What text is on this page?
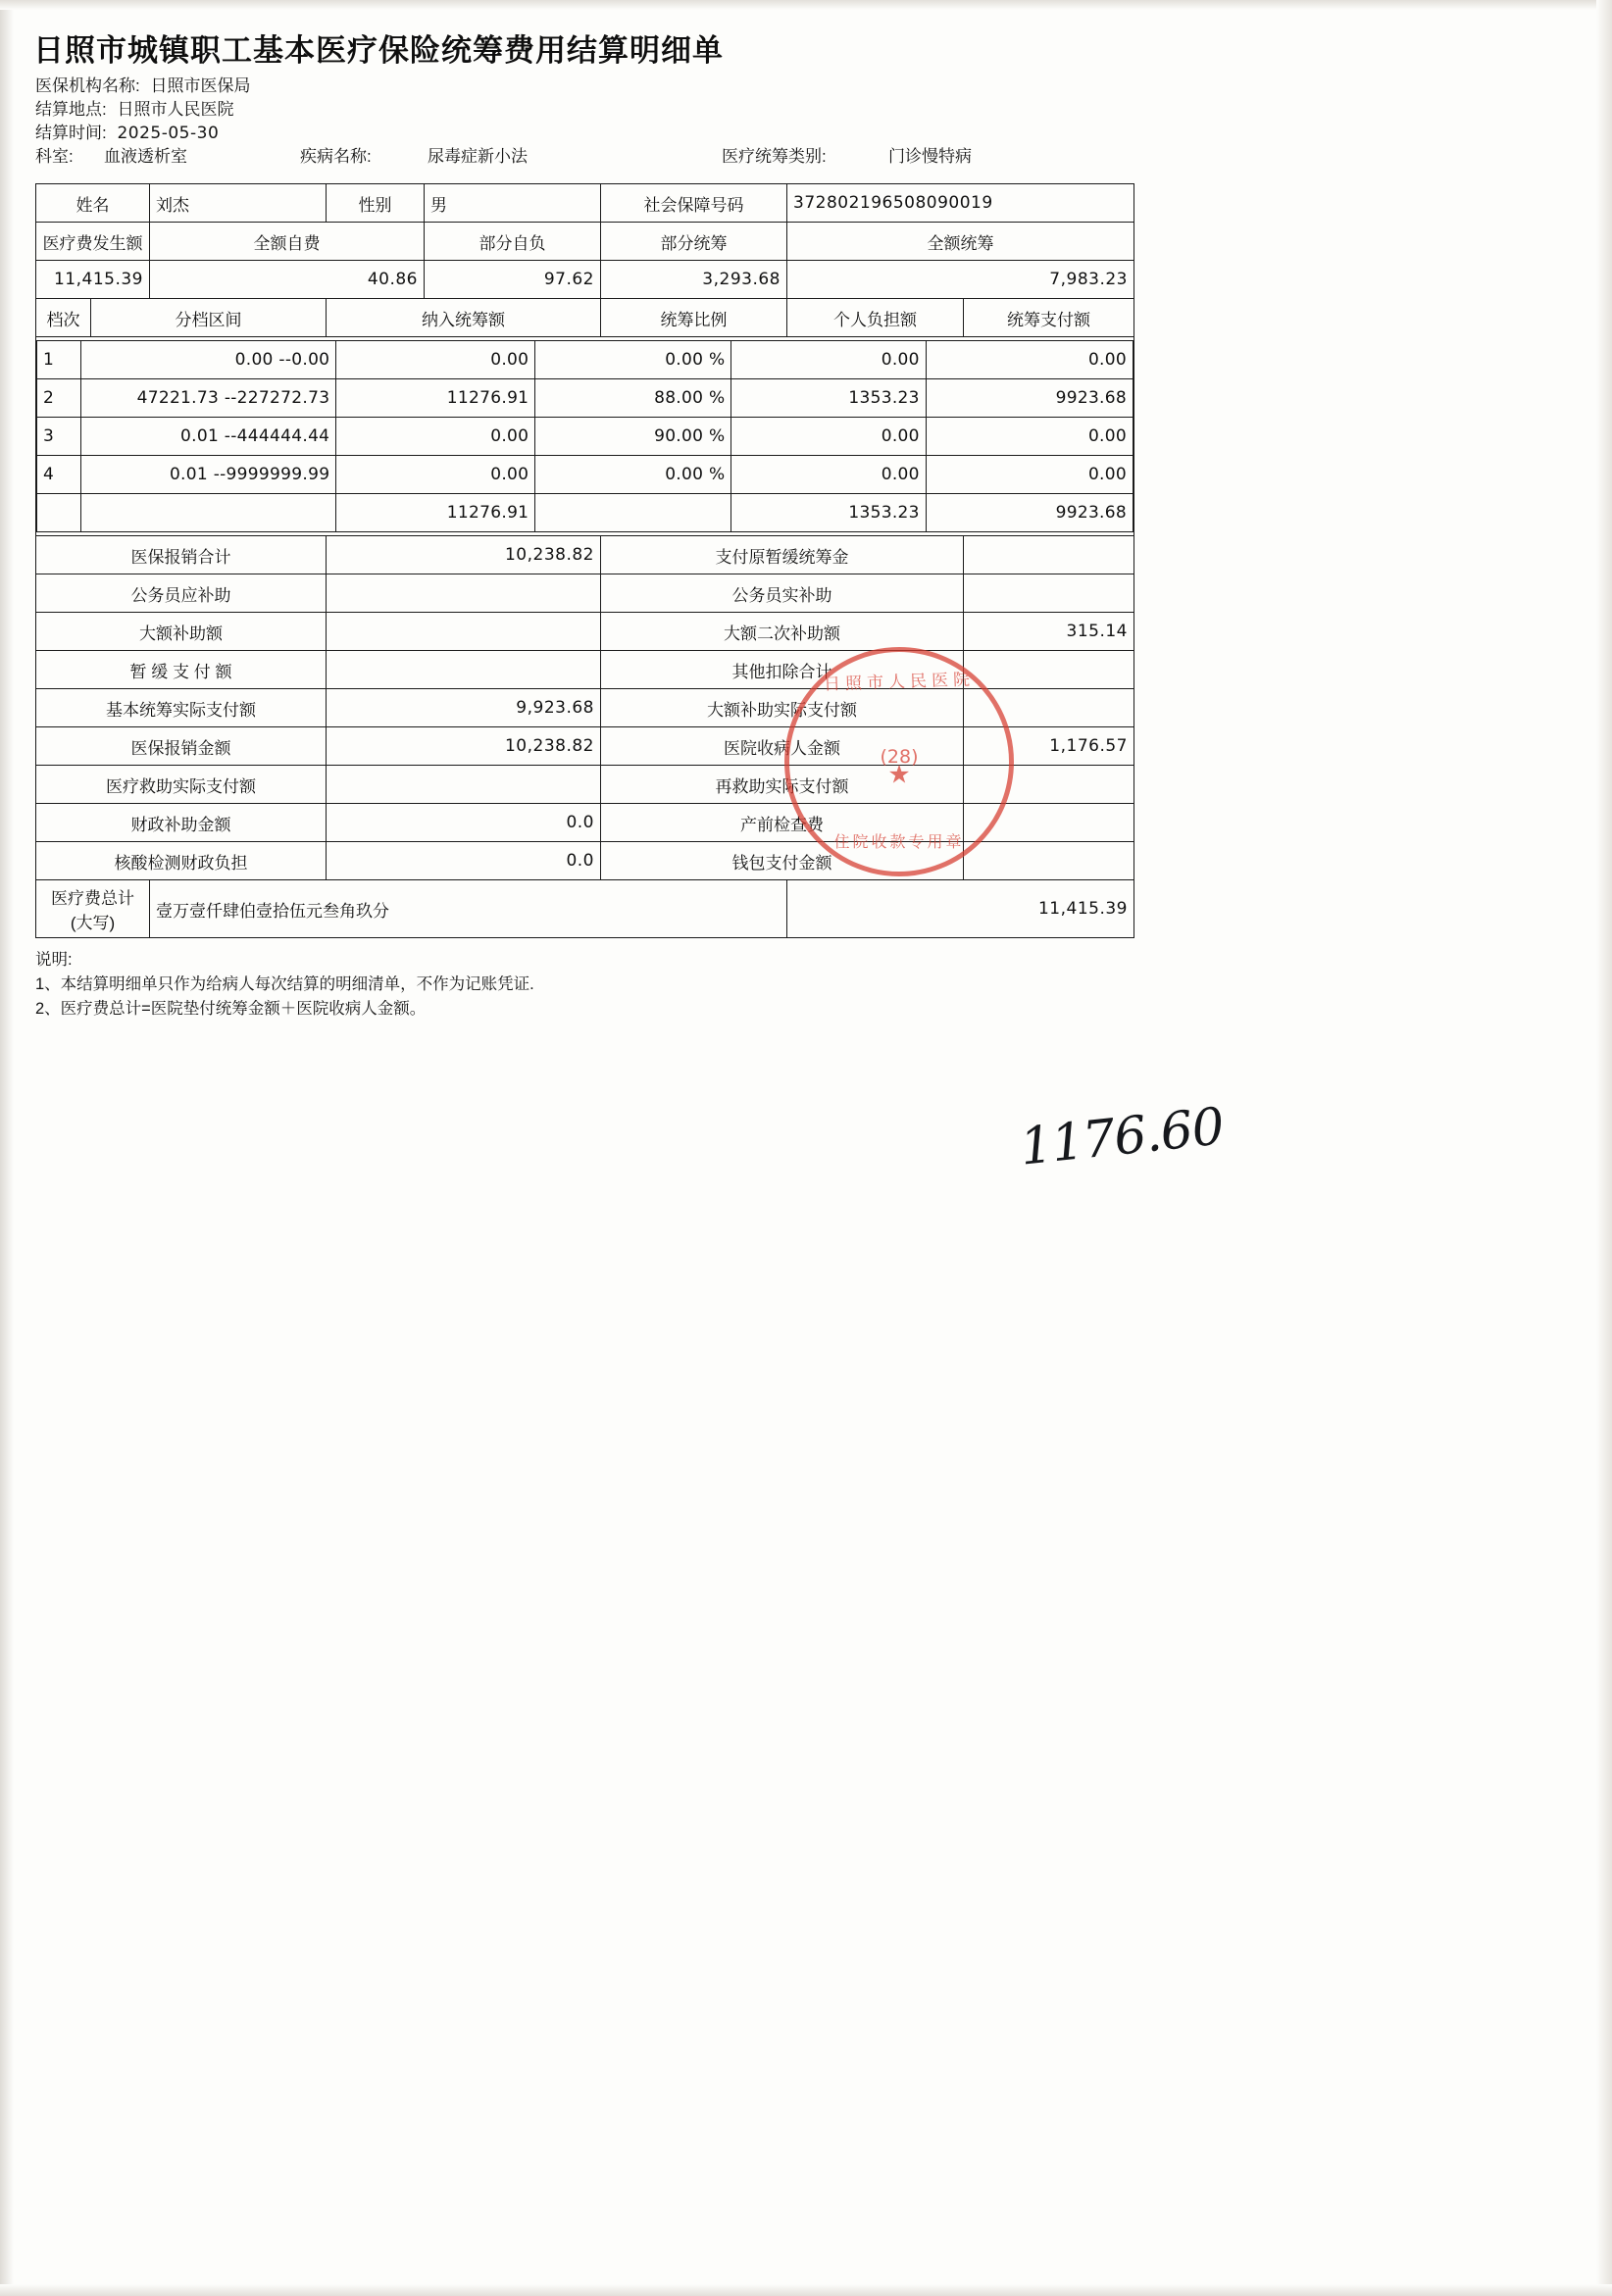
日照市城镇职工基本医疗保险统筹费用结算明细单
医保机构名称: 日照市医保局
结算地点: 日照市人民医院
结算时间: 2025-05-30
科室:	血液透析室	疾病名称:	尿毒症新小法	医疗统筹类别:	门诊慢特病
姓名	刘杰	性别	男	社会保障号码	372802196508090019
医疗费发生额	全额自费	部分自负	部分统筹	全额统筹
11,415.39	40.86	97.62	3,293.68	7,983.23
档次	分档区间	纳入统筹额	统筹比例	个人负担额	统筹支付额

1	0.00 --0.00	0.00	0.00 %	0.00	0.00
2	47221.73 --227272.73	11276.91	88.00 %	1353.23	9923.68
3	0.01 --444444.44	0.00	90.00 %	0.00	0.00
4	0.01 --9999999.99	0.00	0.00 %	0.00	0.00
		11276.91		1353.23	9923.68

医保报销合计	10,238.82	支付原暂缓统筹金	
公务员应补助		公务员实补助	
大额补助额		大额二次补助额	315.14
暂 缓 支 付 额		其他扣除合计	
基本统筹实际支付额	9,923.68	大额补助实际支付额	
医保报销金额	10,238.82	医院收病人金额	1,176.57
医疗救助实际支付额		再救助实际支付额	
财政补助金额	0.0	产前检查费	
核酸检测财政负担	0.0	钱包支付金额	
医疗费总计(大写)	壹万壹仟肆伯壹拾伍元叁角玖分	11,415.39
说明:
1、本结算明细单只作为给病人每次结算的明细清单，不作为记账凭证.
2、医疗费总计=医院垫付统筹金额＋医院收病人金额。
日照市人民医院
★
(28)
住院收款专用章
1176.60
